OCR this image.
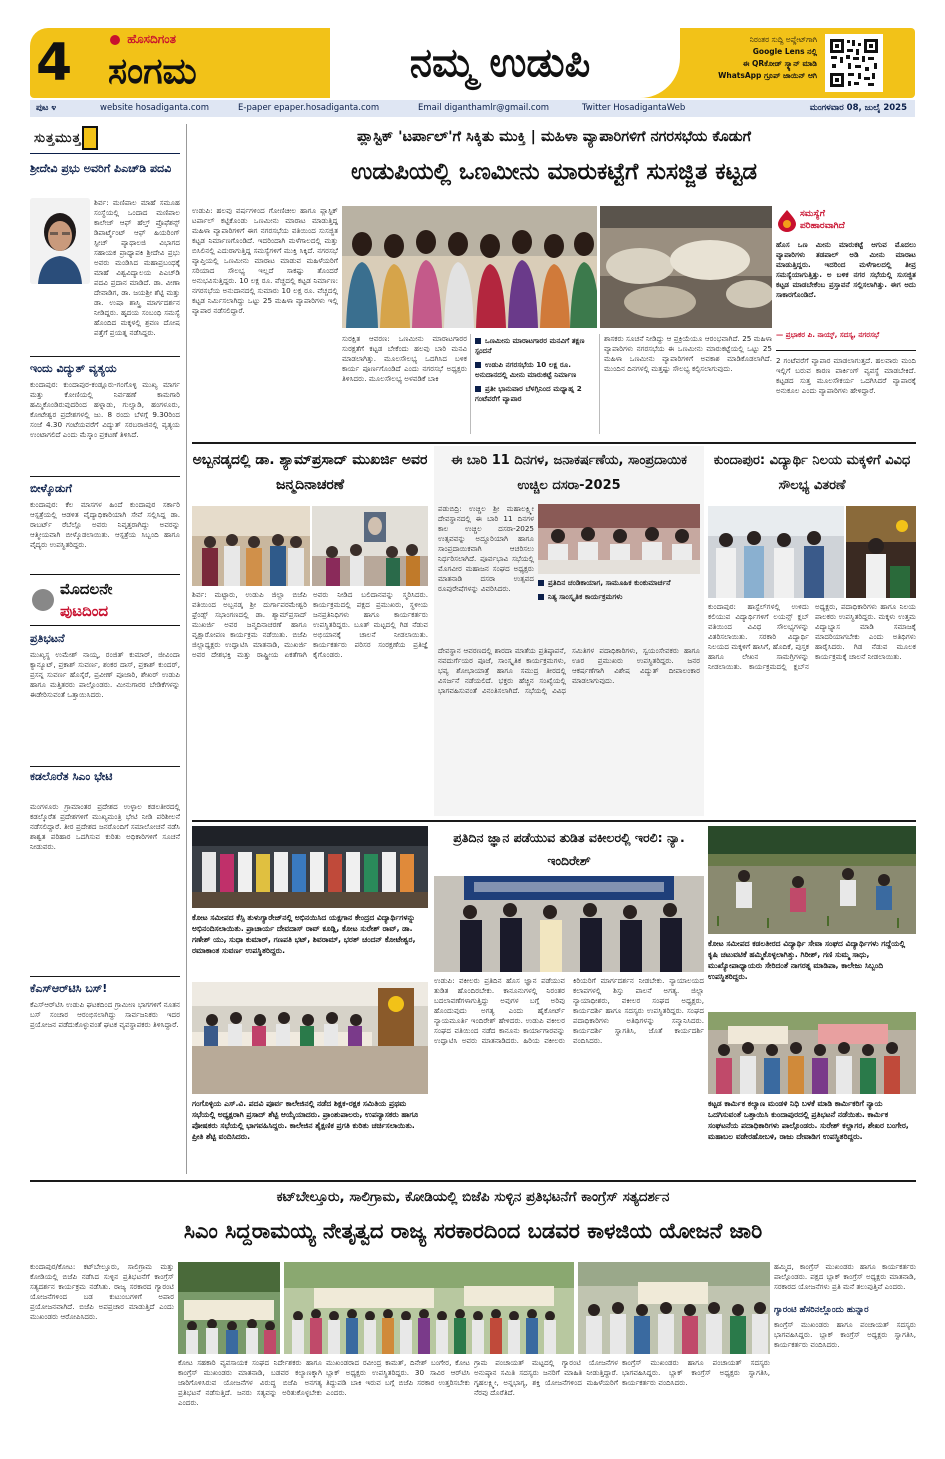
4	ಹೊಸದಿಗಂತ
ಸಂಗಮ	ನಮ್ಮ ಉಡುಪಿ
ನಿರಂತರ ಸುದ್ದಿ ಅಪ್ಡೇಟ್‌ಗಾಗಿ
Google Lens ನಲ್ಲಿ
ಈ QRಕೋಡ್ ಸ್ಕ್ಯಾನ್ ಮಾಡಿ
WhatsApp ಗ್ರೂಪ್ ಜಾಯಿನ್ ಆಗಿ
ಪುಟ ೪	website hosadiganta.com	E-paper epaper.hosadiganta.com	Email diganthamlr@gmail.com	Twitter HosadigantaWeb	ಮಂಗಳವಾರ 08, ಜುಲೈ 2025
ಸುತ್ತಮುತ್ತ
ಶ್ರೀದೇವಿ ಪ್ರಭು ಅವರಿಗೆ ಪಿಎಚ್‌ಡಿ ಪದವಿ
ಶಿರ್ವ: ಮಣಿಪಾಲ ಮಾಹೆ ಸಮೂಹ ಸಂಸ್ಥೆಯಲ್ಲಿ ಒಂದಾದ ಮಣಿಪಾಲ ಕಾಲೇಜ್ ಆಫ್ ಹೆಲ್ತ್ ಪ್ರೊಫೆಶನ್ಸ್ ಡಿಪಾರ್ಟ್ಮೆಂಟ್ ಆಫ್ ಹಿಯರಿಂಗ್ ಸ್ಪೀಚ್ ಪ್ಯಾಥಾಲಜಿ ವಿಭಾಗದ ಸಹಾಯಕ ಪ್ರಾಧ್ಯಾಪಕಿ ಶ್ರೀದೇವಿ ಪ್ರಭು ಅವರು ಮಂಡಿಸಿದ ಮಹಾಪ್ರಬಂಧಕ್ಕೆ ಮಾಹೆ ವಿಶ್ವವಿದ್ಯಾಲಯ ಪಿಎಚ್‌ಡಿ ಪದವಿ ಪ್ರದಾನ ಮಾಡಿದೆ. ಡಾ. ವೀಣಾ ದೇವಾಡಿಗ, ಡಾ. ಜಯಶ್ರೀ ಶೆಟ್ಟಿ ಮತ್ತು ಡಾ. ಉಷಾ ಶಾಸ್ತ್ರಿ ಮಾರ್ಗದರ್ಶನ ನೀಡಿದ್ದರು. ಹೃದಯ ಸಂಬಂಧಿ ಸಮಸ್ಯೆ ಹೊಂದಿದ ಮಕ್ಕಳಲ್ಲಿ ಶ್ರವಣ ದೋಷ ಪತ್ತೆಗೆ ಪ್ರಯತ್ನ ನಡೆಸಿದ್ದರು.
ಇಂದು ವಿದ್ಯುತ್ ವ್ಯತ್ಯಯ
ಕುಂದಾಪುರ: ಕುಂದಾಪುರ-ಕಂಡ್ಲೂರು-ಗಂಗೊಳ್ಳಿ ಮುಖ್ಯ ಮಾರ್ಗ ಮತ್ತು ಕೋಣಿಯಲ್ಲಿ ನಿರ್ವಹಣೆ ಕಾಮಗಾರಿ ಹಮ್ಮಿಕೊಂಡಿರುವುದರಿಂದ ಹಳ್ನಾಡು, ಗುಲ್ವಾಡಿ, ಹಂಗಳೂರು, ಕೋಟೇಶ್ವರ ಪ್ರದೇಶಗಳಲ್ಲಿ ಜು. 8 ರಂದು ಬೆಳಗ್ಗೆ 9.30ರಿಂದ ಸಂಜೆ 4.30 ಗಂಟೆಯವರೆಗೆ ವಿದ್ಯುತ್ ಸರಬರಾಜಿನಲ್ಲಿ ವ್ಯತ್ಯಯ ಉಂಟಾಗಲಿದೆ ಎಂದು ಮೆಸ್ಕಾಂ ಪ್ರಕಟಣೆ ತಿಳಿಸಿದೆ.
ಬೀಳ್ಕೊಡುಗೆ
ಕುಂದಾಪುರ: ಕೆಲ ಮಾಸಗಳ ಹಿಂದೆ ಕುಂದಾಪುರ ಸರ್ಕಾರಿ ಆಸ್ಪತ್ರೆಯಲ್ಲಿ ಆಡಳಿತ ವೈದ್ಯಾಧಿಕಾರಿಯಾಗಿ ಸೇವೆ ಸಲ್ಲಿಸಿದ್ದ ಡಾ. ರಾಬರ್ಟ್ ರೆಬೆಲ್ಲೊ ಅವರು ನಿವೃತ್ತರಾಗಿದ್ದು ಅವರನ್ನು ಆತ್ಮೀಯವಾಗಿ ಬೀಳ್ಕೊಡಲಾಯಿತು. ಆಸ್ಪತ್ರೆಯ ಸಿಬ್ಬಂದಿ ಹಾಗೂ ವೈದ್ಯರು ಉಪಸ್ಥಿತರಿದ್ದರು.
ಮೊದಲನೇ
ಪುಟದಿಂದ
ಪ್ರತಿಭಟನೆ
ಮುಖ್ಯಸ್ಥ ಉಮೇಶ್ ನಾಯ್ಕ, ರಂಜಿತ್ ಕುಮಾರ್, ಜೀವಿಂದಾ ಕ್ಯಾನ್ಯೂಟ್, ಪ್ರಕಾಶ್ ಸುವರ್ಣ, ಶಂಕರ ದಾಸ್, ಪ್ರಕಾಶ್ ಕುಂದರ್, ಪ್ರಸನ್ನ ಸುವರ್ಣ ಹೊಸ್ಕೆರೆ, ಪ್ರವೀಣ್ ಪೂಜಾರಿ, ಶೇಖರ್ ಉಡುಪಿ ಹಾಗೂ ಮತ್ತಿತರರು ಪಾಲ್ಗೊಂಡರು. ಮೀನುಗಾರರ ಬೇಡಿಕೆಗಳನ್ನು ಈಡೇರಿಸುವಂತೆ ಒತ್ತಾಯಿಸಿದರು.
ಕಡಲೊರೆತ ಸಿಎಂ ಭೇಟಿ
ಮಂಗಳೂರು ಗ್ರಾಮಾಂತರ ಪ್ರದೇಶದ ಉಳ್ಳಾಲ ಕಡಲತೀರದಲ್ಲಿ ಕಡಲ್ಕೊರೆತ ಪ್ರದೇಶಗಳಿಗೆ ಮುಖ್ಯಮಂತ್ರಿ ಭೇಟಿ ನೀಡಿ ಪರಿಶೀಲನೆ ನಡೆಸಲಿದ್ದಾರೆ. ತೀರ ಪ್ರದೇಶದ ಜನರೊಂದಿಗೆ ಸಮಾಲೋಚನೆ ನಡೆಸಿ ಶಾಶ್ವತ ಪರಿಹಾರ ಒದಗಿಸುವ ಕುರಿತು ಅಧಿಕಾರಿಗಳಿಗೆ ಸೂಚನೆ ನೀಡುವರು.
ಕೆಎಸ್ಆರ್‌ಟಿಸಿ ಬಸ್!
ಕೆಎಸ್ಆರ್‌ಟಿಸಿ ಉಡುಪಿ ಘಟಕದಿಂದ ಗ್ರಾಮೀಣ ಭಾಗಗಳಿಗೆ ನೂತನ ಬಸ್ ಸಂಚಾರ ಆರಂಭಿಸಲಾಗಿದ್ದು ಸಾರ್ವಜನಿಕರು ಇದರ ಪ್ರಯೋಜನ ಪಡೆದುಕೊಳ್ಳುವಂತೆ ಘಟಕ ವ್ಯವಸ್ಥಾಪಕರು ತಿಳಿಸಿದ್ದಾರೆ.
ಪ್ಲಾಸ್ಟಿಕ್ 'ಟರ್ಪಾಲ್'ಗೆ ಸಿಕ್ಕಿತು ಮುಕ್ತಿ | ಮಹಿಳಾ ವ್ಯಾಪಾರಿಗಳಿಗೆ ನಗರಸಭೆಯ ಕೊಡುಗೆ
ಉಡುಪಿಯಲ್ಲಿ ಒಣಮೀನು ಮಾರುಕಟ್ಟೆಗೆ ಸುಸಜ್ಜಿತ ಕಟ್ಟಡ
ಉಡುಪಿ: ಹಲವು ವರ್ಷಗಳಿಂದ ಗೋಣಿಚೀಲ ಹಾಗೂ ಪ್ಲಾಸ್ಟಿಕ್ ಟರ್ಪಾಲ್ ಕಟ್ಟಿಕೊಂಡು ಒಣಮೀನು ಮಾರಾಟ ಮಾಡುತ್ತಿದ್ದ ಮಹಿಳಾ ವ್ಯಾಪಾರಿಗಳಿಗೆ ಈಗ ನಗರಸಭೆಯ ವತಿಯಿಂದ ಸುಸಜ್ಜಿತ ಕಟ್ಟಡ ನಿರ್ಮಾಣಗೊಂಡಿದೆ. ಇದರಿಂದಾಗಿ ಮಳೆಗಾಲದಲ್ಲಿ ಮತ್ತು ಬಿಸಿಲಿನಲ್ಲಿ ಎದುರಾಗುತ್ತಿದ್ದ ಸಮಸ್ಯೆಗಳಿಗೆ ಮುಕ್ತಿ ಸಿಕ್ಕಿದೆ. ನಗರಸಭೆ ವ್ಯಾಪ್ತಿಯಲ್ಲಿ ಒಣಮೀನು ಮಾರಾಟ ಮಾಡುವ ಮಹಿಳೆಯರಿಗೆ ಸರಿಯಾದ ಸೌಲಭ್ಯ ಇಲ್ಲದೆ ಸಾಕಷ್ಟು ತೊಂದರೆ ಅನುಭವಿಸುತ್ತಿದ್ದರು. 10 ಲಕ್ಷ ರೂ. ವೆಚ್ಚದಲ್ಲಿ ಕಟ್ಟಡ ನಿರ್ಮಾಣ: ನಗರಸಭೆಯ ಅನುದಾನದಲ್ಲಿ ಸುಮಾರು 10 ಲಕ್ಷ ರೂ. ವೆಚ್ಚದಲ್ಲಿ ಕಟ್ಟಡ ನಿರ್ಮಿಸಲಾಗಿದ್ದು ಒಟ್ಟು 25 ಮಹಿಳಾ ವ್ಯಾಪಾರಿಗಳು ಇಲ್ಲಿ ವ್ಯಾಪಾರ ನಡೆಸಲಿದ್ದಾರೆ.
ಸಮಸ್ಯೆಗೆ
ಪರಿಹಾರವಾಗಿದೆ
ಹೊಸ ಒಣ ಮೀನು ಮಾರುಕಟ್ಟೆ ಆಗುವ ಮೊದಲು ವ್ಯಾಪಾರಿಗಳು ತಡಪಾಲ್ ಅಡಿ ಮೀನು ಮಾರಾಟ ಮಾಡುತ್ತಿದ್ದರು. ಇದರಿಂದ ಮಳೆಗಾಲದಲ್ಲಿ ತೀವ್ರ ಸಮಸ್ಯೆಯಾಗುತ್ತಿತ್ತು. ಅ ಬಳಿಕ ನಗರ ಸಭೆಯಲ್ಲಿ ಸುಸಜ್ಜಿತ ಕಟ್ಟಡ ಮಾಡಬೇಕೆಂಬ ಪ್ರಸ್ತಾವನೆ ಸಲ್ಲಿಸಲಾಗಿತ್ತು. ಈಗ ಅದು ಸಾಕಾರಗೊಂಡಿದೆ.
— ಪ್ರಭಾಕರ ಪಿ. ನಾಯ್ಕ್, ಸದಸ್ಯ, ನಗರಸಭೆ
2 ಗಂಟೆವರೆಗೆ ವ್ಯಾಪಾರ ಮಾಡಲಾಗುತ್ತದೆ. ಹಲವಾರು ಮಂದಿ ಇಲ್ಲಿಗೆ ಬರುವ ಕಾರಣ ಪಾರ್ಕಿಂಗ್ ವ್ಯವಸ್ಥೆ ಮಾಡಬೇಕಿದೆ. ಕಟ್ಟಡದ ಸುತ್ತ ಮೂಲಸೌಕರ್ಯ ಒದಗಿಸಿದರೆ ವ್ಯಾಪಾರಕ್ಕೆ ಅನುಕೂಲ ಎಂದು ವ್ಯಾಪಾರಿಗಳು ಹೇಳಿದ್ದಾರೆ.
ಸುರಕ್ಷಿತ ಆವರಣ: ಒಣಮೀನು ಮಾರಾಟಗಾರರ ಸುರಕ್ಷತೆಗೆ ಕಟ್ಟಡ ಬೇಕೆಂದು ಹಲವು ಬಾರಿ ಮನವಿ ಮಾಡಲಾಗಿತ್ತು. ಮೂಲಸೌಲಭ್ಯ ಒದಗಿಸಿದ ಬಳಿಕ ಕಾರ್ಯ ಪೂರ್ಣಗೊಂಡಿದೆ ಎಂದು ನಗರಸಭೆ ಅಧ್ಯಕ್ಷರು ತಿಳಿಸಿದರು. ಮೂಲಸೌಲಭ್ಯ ಅಳವಡಿಕೆ ಬಾಕಿ
ಒಣಮೀನು ಮಾರಾಟಗಾರರ ಮನವಿಗೆ ತಕ್ಷಣ ಸ್ಪಂದನೆ
ಉಡುಪಿ ನಗರಸಭೆಯ 10 ಲಕ್ಷ ರೂ. ಅನುದಾನದಲ್ಲಿ ಮೀನು ಮಾರುಕಟ್ಟೆ ನಿರ್ಮಾಣ
ಪ್ರತೀ ಭಾನುವಾರ ಬೆಳಗ್ಗಿನಿಂದ ಮಧ್ಯಾಹ್ನ 2 ಗಂಟೆವರೆಗೆ ವ್ಯಾಪಾರ
ಶಾಸಕರು ಸೂಚನೆ ನೀಡಿದ್ದು ಆ ಪ್ರಕ್ರಿಯೆಯೂ ಆರಂಭವಾಗಿದೆ. 25 ಮಹಿಳಾ ವ್ಯಾಪಾರಿಗಳು ನಗರಸಭೆಯ ಈ ಒಣಮೀನು ಮಾರುಕಟ್ಟೆಯಲ್ಲಿ ಒಟ್ಟು 25 ಮಹಿಳಾ ಒಣಮೀನು ವ್ಯಾಪಾರಿಗಳಿಗೆ ಅವಕಾಶ ಮಾಡಿಕೊಡಲಾಗಿದೆ. ಮುಂದಿನ ದಿನಗಳಲ್ಲಿ ಮತ್ತಷ್ಟು ಸೌಲಭ್ಯ ಕಲ್ಪಿಸಲಾಗುವುದು.
ಅಬ್ಬನಡ್ಕದಲ್ಲಿ ಡಾ. ಶ್ಯಾಮ್‌ಪ್ರಸಾದ್ ಮುಖರ್ಜಿ ಅವರ ಜನ್ಮದಿನಾಚರಣೆ
ಶಿರ್ವ: ಮಟ್ಟಾರು, ಉಡುಪಿ ಜಿಲ್ಲಾ ಬಿಜೆಪಿ ವತಿಯಿಂದ ಅಬ್ಬನಡ್ಕ ಶ್ರೀ ದುರ್ಗಾಪರಮೇಶ್ವರಿ ಫ್ರೆಂಡ್ಸ್ ಸಭಾಂಗಣದಲ್ಲಿ ಡಾ. ಶ್ಯಾಮ್‌ಪ್ರಸಾದ್ ಮುಖರ್ಜಿ ಅವರ ಜನ್ಮದಿನಾಚರಣೆ ಹಾಗೂ ವೃಕ್ಷಾರೋಪಣ ಕಾರ್ಯಕ್ರಮ ನಡೆಯಿತು. ಬಿಜೆಪಿ ಜಿಲ್ಲಾಧ್ಯಕ್ಷರು ಉದ್ಘಾಟಿಸಿ ಮಾತನಾಡಿ, ಮುಖರ್ಜಿ ಅವರ ದೇಶಭಕ್ತಿ ಮತ್ತು ರಾಷ್ಟ್ರೀಯ ಏಕತೆಗಾಗಿ ಅವರು ನೀಡಿದ ಬಲಿದಾನವನ್ನು ಸ್ಮರಿಸಿದರು. ಕಾರ್ಯಕ್ರಮದಲ್ಲಿ ಪಕ್ಷದ ಪ್ರಮುಖರು, ಸ್ಥಳೀಯ ಜನಪ್ರತಿನಿಧಿಗಳು ಹಾಗೂ ಕಾರ್ಯಕರ್ತರು ಉಪಸ್ಥಿತರಿದ್ದರು. ಬೂತ್ ಮಟ್ಟದಲ್ಲಿ ಗಿಡ ನೆಡುವ ಅಭಿಯಾನಕ್ಕೆ ಚಾಲನೆ ನೀಡಲಾಯಿತು. ಕಾರ್ಯಕರ್ತರು ಪರಿಸರ ಸಂರಕ್ಷಣೆಯ ಪ್ರತಿಜ್ಞೆ ಕೈಗೊಂಡರು.
ಈ ಬಾರಿ 11 ದಿನಗಳ, ಜನಾಕರ್ಷಣೆಯ, ಸಾಂಪ್ರದಾಯಿಕ ಉಚ್ಚಿಲ ದಸರಾ-2025
ಪಡುಬಿದ್ರಿ: ಉಚ್ಚಿಲ ಶ್ರೀ ಮಹಾಲಕ್ಷ್ಮೀ ದೇವಸ್ಥಾನದಲ್ಲಿ ಈ ಬಾರಿ 11 ದಿನಗಳ ಕಾಲ ಉಚ್ಚಿಲ ದಸರಾ-2025 ಉತ್ಸವವನ್ನು ಅದ್ದೂರಿಯಾಗಿ ಹಾಗೂ ಸಾಂಪ್ರದಾಯಿಕವಾಗಿ ಆಚರಿಸಲು ನಿರ್ಧರಿಸಲಾಗಿದೆ. ಪೂರ್ವಭಾವಿ ಸಭೆಯಲ್ಲಿ ಮೊಗವೀರ ಮಹಾಜನ ಸಂಘದ ಅಧ್ಯಕ್ಷರು ಮಾತನಾಡಿ ದಸರಾ ಉತ್ಸವದ ರೂಪುರೇಷೆಗಳನ್ನು ವಿವರಿಸಿದರು.
ಪ್ರತಿದಿನ ಚಂಡಿಕಾಯಾಗ, ಸಾಮೂಹಿಕ ಕುಂಕುಮಾರ್ಚನೆ
ನಿತ್ಯ ಸಾಂಸ್ಕೃತಿಕ ಕಾರ್ಯಕ್ರಮಗಳು
ದೇವಸ್ಥಾನ ಆವರಣದಲ್ಲಿ ಶಾರದಾ ಮಾತೆಯ ಪ್ರತಿಷ್ಠಾಪನೆ, ನವದುರ್ಗೆಯರ ಪೂಜೆ, ಸಾಂಸ್ಕೃತಿಕ ಕಾರ್ಯಕ್ರಮಗಳು, ಭವ್ಯ ಶೋಭಾಯಾತ್ರೆ ಹಾಗೂ ಸಮುದ್ರ ತೀರದಲ್ಲಿ ವಿಸರ್ಜನೆ ನಡೆಯಲಿದೆ. ಭಕ್ತರು ಹೆಚ್ಚಿನ ಸಂಖ್ಯೆಯಲ್ಲಿ ಭಾಗವಹಿಸುವಂತೆ ವಿನಂತಿಸಲಾಗಿದೆ. ಸಭೆಯಲ್ಲಿ ವಿವಿಧ ಸಮಿತಿಗಳ ಪದಾಧಿಕಾರಿಗಳು, ಸ್ವಯಂಸೇವಕರು ಹಾಗೂ ಊರ ಪ್ರಮುಖರು ಉಪಸ್ಥಿತರಿದ್ದರು. ಜನರ ಆಕರ್ಷಣೆಗಾಗಿ ವಿಶೇಷ ವಿದ್ಯುತ್ ದೀಪಾಲಂಕಾರ ಮಾಡಲಾಗುವುದು.
ಕುಂದಾಪುರ: ವಿದ್ಯಾರ್ಥಿ ನಿಲಯ ಮಕ್ಕಳಿಗೆ ವಿವಿಧ ಸೌಲಭ್ಯ ವಿತರಣೆ
ಕುಂದಾಪುರ: ಹಾಸ್ಟೆಲ್‌ಗಳಲ್ಲಿ ಉಳಿದು ಕಲಿಯುವ ವಿದ್ಯಾರ್ಥಿಗಳಿಗೆ ಲಯನ್ಸ್ ಕ್ಲಬ್ ವತಿಯಿಂದ ವಿವಿಧ ಸೌಲಭ್ಯಗಳನ್ನು ವಿತರಿಸಲಾಯಿತು. ಸರಕಾರಿ ವಿದ್ಯಾರ್ಥಿ ನಿಲಯದ ಮಕ್ಕಳಿಗೆ ಹಾಸಿಗೆ, ಹೊದಿಕೆ, ಪುಸ್ತಕ ಹಾಗೂ ಲೇಖನ ಸಾಮಗ್ರಿಗಳನ್ನು ನೀಡಲಾಯಿತು. ಕಾರ್ಯಕ್ರಮದಲ್ಲಿ ಕ್ಲಬ್‌ನ ಅಧ್ಯಕ್ಷರು, ಪದಾಧಿಕಾರಿಗಳು ಹಾಗೂ ನಿಲಯ ಪಾಲಕರು ಉಪಸ್ಥಿತರಿದ್ದರು. ಮಕ್ಕಳು ಉತ್ತಮ ವಿದ್ಯಾಭ್ಯಾಸ ಮಾಡಿ ಸಮಾಜಕ್ಕೆ ಮಾದರಿಯಾಗಬೇಕು ಎಂದು ಅತಿಥಿಗಳು ಹಾರೈಸಿದರು. ಗಿಡ ನೆಡುವ ಮೂಲಕ ಕಾರ್ಯಕ್ರಮಕ್ಕೆ ಚಾಲನೆ ನೀಡಲಾಯಿತು.
ಕೋಟ ಸಮೀಪದ ಕೆಸ್ಸಿ ತುಳುಗ್ಯಾರೇಜ್‌ನಲ್ಲಿ ಅಭಿನಯಿಸಿದ ಯಕ್ಷಗಾನ ಕೇಂದ್ರದ ವಿದ್ಯಾರ್ಥಿಗಳನ್ನು ಅಭಿನಂದಿಸಲಾಯಿತು. ಪ್ರಾಚಾರ್ಯ ದೇವದಾಸ್ ರಾವ್ ಕೂಡ್ಲಿ, ಕೋಟ ಸುರೇಶ್ ರಾವ್, ಡಾ. ಗಣೇಶ್ ಯು, ಸುಧಾ ಕುಮಾರ್, ಗಣಪತಿ ಭಟ್, ಶಿವರಾಮ್, ಭರತ್ ಚಂದನ್ ಕೋಟೇಶ್ವರ, ರಮಾಕಾಂತ ಸುವರ್ಣ ಉಪಸ್ಥಿತರಿದ್ದರು.
ಗಂಗೊಳ್ಳಿಯ ಎಸ್.ವಿ. ಪದವಿ ಪೂರ್ವ ಕಾಲೇಜಿನಲ್ಲಿ ನಡೆದ ಶಿಕ್ಷಕ-ರಕ್ಷಕ ಸಮಿತಿಯ ಪ್ರಥಮ ಸಭೆಯಲ್ಲಿ ಅಧ್ಯಕ್ಷರಾಗಿ ಪ್ರಸಾದ್ ಶೆಟ್ಟಿ ಆಯ್ಕೆಯಾದರು. ಪ್ರಾಂಶುಪಾಲರು, ಉಪನ್ಯಾಸಕರು ಹಾಗೂ ಪೋಷಕರು ಸಭೆಯಲ್ಲಿ ಭಾಗವಹಿಸಿದ್ದರು. ಕಾಲೇಜಿನ ಶೈಕ್ಷಣಿಕ ಪ್ರಗತಿ ಕುರಿತು ಚರ್ಚಿಸಲಾಯಿತು. ಪ್ರೀತಿ ಶೆಟ್ಟಿ ವಂದಿಸಿದರು.
ಪ್ರತಿದಿನ ಜ್ಞಾನ ಪಡೆಯುವ ತುಡಿತ ವಕೀಲರಲ್ಲಿ ಇರಲಿ: ನ್ಯಾ. ಇಂದಿರೇಶ್
ಉಡುಪಿ: ವಕೀಲರು ಪ್ರತಿದಿನ ಹೊಸ ಜ್ಞಾನ ಪಡೆಯುವ ತುಡಿತ ಹೊಂದಿರಬೇಕು. ಕಾನೂನುಗಳಲ್ಲಿ ನಿರಂತರ ಬದಲಾವಣೆಗಳಾಗುತ್ತಿದ್ದು ಅವುಗಳ ಬಗ್ಗೆ ಅರಿವು ಹೊಂದುವುದು ಅಗತ್ಯ ಎಂದು ಹೈಕೋರ್ಟ್ ನ್ಯಾಯಮೂರ್ತಿ ಇಂದಿರೇಶ್ ಹೇಳಿದರು. ಉಡುಪಿ ವಕೀಲರ ಸಂಘದ ವತಿಯಿಂದ ನಡೆದ ಕಾನೂನು ಕಾರ್ಯಾಗಾರವನ್ನು ಉದ್ಘಾಟಿಸಿ ಅವರು ಮಾತನಾಡಿದರು. ಹಿರಿಯ ವಕೀಲರು ಕಿರಿಯರಿಗೆ ಮಾರ್ಗದರ್ಶನ ನೀಡಬೇಕು. ನ್ಯಾಯಾಲಯದ ಕಲಾಪಗಳಲ್ಲಿ ಶಿಸ್ತು ಪಾಲನೆ ಅಗತ್ಯ. ಜಿಲ್ಲಾ ನ್ಯಾಯಾಧೀಶರು, ವಕೀಲರ ಸಂಘದ ಅಧ್ಯಕ್ಷರು, ಕಾರ್ಯದರ್ಶಿ ಹಾಗೂ ಸದಸ್ಯರು ಉಪಸ್ಥಿತರಿದ್ದರು. ಸಂಘದ ಪದಾಧಿಕಾರಿಗಳು ಅತಿಥಿಗಳನ್ನು ಸನ್ಮಾನಿಸಿದರು. ಕಾರ್ಯದರ್ಶಿ ಸ್ವಾಗತಿಸಿ, ಜೊತೆ ಕಾರ್ಯದರ್ಶಿ ವಂದಿಸಿದರು.
ಕೋಟ ಸಮೀಪದ ಕಡಲತೀರದ ವಿದ್ಯಾರ್ಥಿ ಸೇವಾ ಸಂಘದ ವಿದ್ಯಾರ್ಥಿಗಳು ಗದ್ದೆಯಲ್ಲಿ ಕೃಷಿ ಚಟುವಟಿಕೆ ಹಮ್ಮಿಕೊಳ್ಳಲಾಗಿತ್ತು. ಗಿರೀಶ್, ಗಣಿ ಸುಮ್ಮ ಸಾಧು, ಮುಖ್ಯೋಪಾಧ್ಯಾಯರು ಸೇರಿದಂತೆ ನಾಗರತ್ನ ಮಾಡಿಪಾ, ಕಾಲೇಜು ಸಿಬ್ಬಂದಿ ಉಪಸ್ಥಿತರಿದ್ದರು.
ಕಟ್ಟಡ ಕಾರ್ಮಿಕ ಕಲ್ಯಾಣ ಮಂಡಳಿ ನಿಧಿ ಬಳಕೆ ಮಾಡಿ ಕಾರ್ಮಿಕರಿಗೆ ನ್ಯಾಯ ಒದಗಿಸುವಂತೆ ಒತ್ತಾಯಿಸಿ ಕುಂದಾಪುರದಲ್ಲಿ ಪ್ರತಿಭಟನೆ ನಡೆಯಿತು. ಕಾರ್ಮಿಕ ಸಂಘಟನೆಯ ಪದಾಧಿಕಾರಿಗಳು ಪಾಲ್ಗೊಂಡರು. ಸುರೇಶ್ ಕಲ್ಲಾಗರ, ಶೇಖರ ಬಂಗೇರ, ಮಹಾಬಲ ವಡೇರಹೋಬಳಿ, ರಾಜು ದೇವಾಡಿಗ ಉಪಸ್ಥಿತರಿದ್ದರು.
ಕಟ್‌ಬೇಲ್ತೂರು, ಸಾಲಿಗ್ರಾಮ, ಕೋಡಿಯಲ್ಲಿ ಬಿಜೆಪಿ ಸುಳ್ಳಿನ ಪ್ರತಿಭಟನೆಗೆ ಕಾಂಗ್ರೆಸ್ ಸತ್ಯದರ್ಶನ
ಸಿಎಂ ಸಿದ್ದರಾಮಯ್ಯ ನೇತೃತ್ವದ ರಾಜ್ಯ ಸರಕಾರದಿಂದ ಬಡವರ ಕಾಳಜಿಯ ಯೋಜನೆ ಜಾರಿ
ಕುಂದಾಪುರ/ಕೋಟ: ಕಟ್‌ಬೇಲ್ತೂರು, ಸಾಲಿಗ್ರಾಮ ಮತ್ತು ಕೋಡಿಯಲ್ಲಿ ಬಿಜೆಪಿ ನಡೆಸಿದ ಸುಳ್ಳಿನ ಪ್ರತಿಭಟನೆಗೆ ಕಾಂಗ್ರೆಸ್ ಸತ್ಯದರ್ಶನ ಕಾರ್ಯಕ್ರಮ ನಡೆಸಿತು. ರಾಜ್ಯ ಸರಕಾರದ ಗ್ಯಾರಂಟಿ ಯೋಜನೆಗಳಿಂದ ಬಡ ಕುಟುಂಬಗಳಿಗೆ ಅಪಾರ ಪ್ರಯೋಜನವಾಗಿದೆ. ಬಿಜೆಪಿ ಅಪಪ್ರಚಾರ ಮಾಡುತ್ತಿದೆ ಎಂದು ಮುಖಂಡರು ಆರೋಪಿಸಿದರು.
ಕೋಟ ಸಹಕಾರಿ ವ್ಯವಸಾಯಕ ಸಂಘದ ನಿರ್ದೇಶಕರು ಹಾಗೂ ಕಾಂಗ್ರೆಸ್ ಮುಖಂಡರು ಮಾತನಾಡಿ, ಬಡವರ ಕಲ್ಯಾಣಕ್ಕಾಗಿ ಜಾರಿಗೊಳಿಸಿರುವ ಯೋಜನೆಗಳ ವಿರುದ್ಧ ಬಿಜೆಪಿ ಅನಗತ್ಯ ಪ್ರತಿಭಟನೆ ನಡೆಸುತ್ತಿದೆ. ಜನರು ಸತ್ಯವನ್ನು ಅರಿತುಕೊಳ್ಳಬೇಕು ಎಂದರು.
ಮುಖಂಡರಾದ ರವೀಂದ್ರ ಕಾಮತ್, ದಿನೇಶ್ ಬಂಗೇರ, ಕೋಟ ಬ್ಲಾಕ್ ಅಧ್ಯಕ್ಷರು ಉಪಸ್ಥಿತರಿದ್ದರು. 30 ಸಾವಿರ ಆರ್‌ಟಿಸಿ ತಿದ್ದುಪಡಿ ಬಾಕಿ ಇರುವ ಬಗ್ಗೆ ಬಿಜೆಪಿ ಸರಕಾರ ಉತ್ತರಿಸಬೇಕು ಎಂದರು.
ಗ್ರಾಮ ಪಂಚಾಯತ್ ಮಟ್ಟದಲ್ಲಿ ಗ್ಯಾರಂಟಿ ಯೋಜನೆಗಳ ಅನುಷ್ಠಾನ ಸಮಿತಿ ಸದಸ್ಯರು ಜನರಿಗೆ ಮಾಹಿತಿ ನೀಡುತ್ತಿದ್ದಾರೆ. ಗೃಹಲಕ್ಷ್ಮೀ, ಅನ್ನಭಾಗ್ಯ, ಶಕ್ತಿ ಯೋಜನೆಗಳಿಂದ ಮಹಿಳೆಯರಿಗೆ ನೆರವು ದೊರೆತಿದೆ.
ಕಾಂಗ್ರೆಸ್ ಮುಖಂಡರು ಹಾಗೂ ಪಂಚಾಯತ್ ಸದಸ್ಯರು ಭಾಗವಹಿಸಿದ್ದರು. ಬ್ಲಾಕ್ ಕಾಂಗ್ರೆಸ್ ಅಧ್ಯಕ್ಷರು ಸ್ವಾಗತಿಸಿ, ಕಾರ್ಯಕರ್ತರು ವಂದಿಸಿದರು.
ಹಮ್ಮಿದ, ಕಾಂಗ್ರೆಸ್ ಮುಖಂಡರು ಹಾಗೂ ಕಾರ್ಯಕರ್ತರು ಪಾಲ್ಗೊಂಡರು. ಪಕ್ಷದ ಬ್ಲಾಕ್ ಕಾಂಗ್ರೆಸ್ ಅಧ್ಯಕ್ಷರು ಮಾತನಾಡಿ, ಸರಕಾರದ ಯೋಜನೆಗಳು ಪ್ರತಿ ಮನೆ ತಲುಪುತ್ತಿವೆ ಎಂದರು.
ಗ್ಯಾರಂಟಿ ಹೆಸರಿನಲ್ಲೊಂದು ಹುನ್ನಾರ
ಕಾಂಗ್ರೆಸ್ ಮುಖಂಡರು ಹಾಗೂ ಪಂಚಾಯತ್ ಸದಸ್ಯರು ಭಾಗವಹಿಸಿದ್ದರು. ಬ್ಲಾಕ್ ಕಾಂಗ್ರೆಸ್ ಅಧ್ಯಕ್ಷರು ಸ್ವಾಗತಿಸಿ, ಕಾರ್ಯಕರ್ತರು ವಂದಿಸಿದರು.
